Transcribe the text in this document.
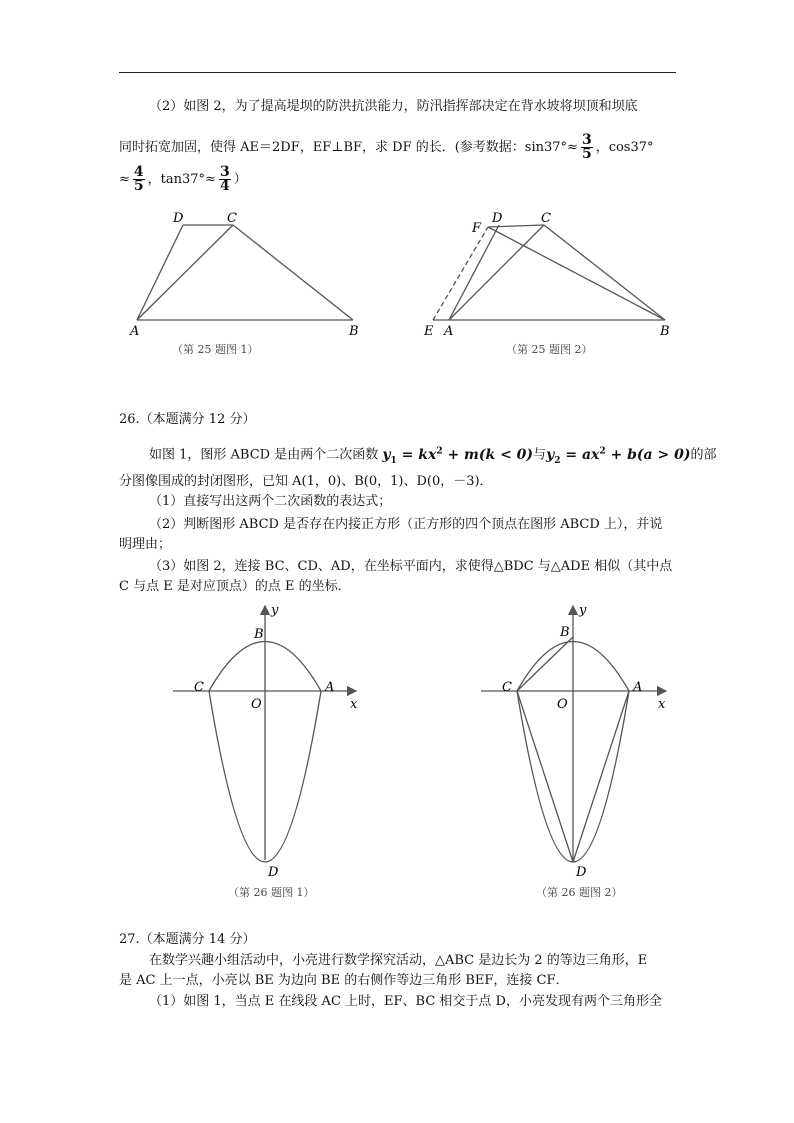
（2）如图 2，为了提高堤坝的防洪抗洪能力，防汛指挥部决定在背水坡将坝顶和坝底
同时拓宽加固，使得 AE＝2DF，EF⊥BF，求 DF 的长．(参考数据：$\sin 37^\circ\approx \frac{3}{5}$ ，cos37°
≈ $\frac{4}{5}$ ，$\tan 37^\circ\approx \frac{3}{4}$ ）
D	C
A	B
（第 25 题图 1）
F
D	C
E A	B
（第 25 题图 2）
26.（本题满分 12 分）
如图 1，图形 ABCD 是由两个二次函数 $y_1 = kx^2 + m(k < 0)$与$y_2 = ax^2 + b(a > 0)$的部
分图像围成的封闭图形，已知 A(1，0)、B(0，1)、D(0，－3)．
（1）直接写出这两个二次函数的表达式；
（2）判断图形 ABCD 是否存在内接正方形（正方形的四个顶点在图形 ABCD 上），并说
明理由；
（3）如图 2，连接 BC、CD、AD，在坐标平面内，求使得△BDC 与△ADE 相似（其中点
C 与点 E 是对应顶点）的点 E 的坐标．
y
B
C
O
A
x
D
（第 26 题图 1）
y
B
C
O
A
x
D
（第 26 题图 2）
27.（本题满分 14 分）
在数学兴趣小组活动中，小亮进行数学探究活动，△ABC 是边长为 2 的等边三角形，E
是 AC 上一点，小亮以 BE 为边向 BE 的右侧作等边三角形 BEF，连接 CF．
（1）如图 1，当点 E 在线段 AC 上时，EF、BC 相交于点 D，小亮发现有两个三角形全
